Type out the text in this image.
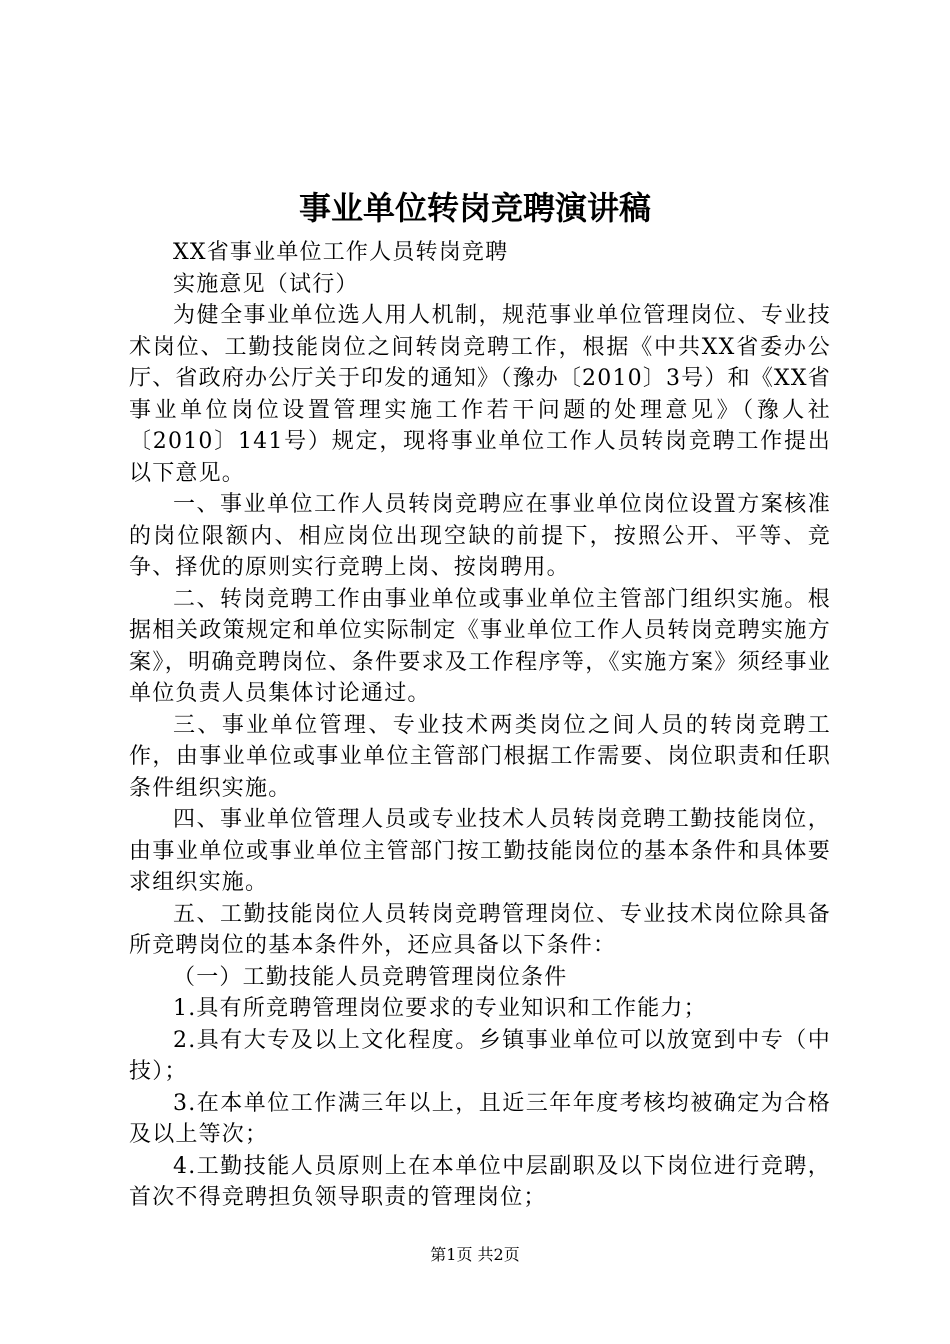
事业单位转岗竞聘演讲稿

XX省事业单位工作人员转岗竞聘

实施意见（试行）

为健全事业单位选人用人机制，规范事业单位管理岗位、专业技术岗位、工勤技能岗位之间转岗竞聘工作，根据《中共XX省委办公厅、省政府办公厅关于印发的通知》（豫办〔2010〕3号）和《XX省事业单位岗位设置管理实施工作若干问题的处理意见》（豫人社〔2010〕141号）规定，现将事业单位工作人员转岗竞聘工作提出以下意见。

一、事业单位工作人员转岗竞聘应在事业单位岗位设置方案核准的岗位限额内、相应岗位出现空缺的前提下，按照公开、平等、竞争、择优的原则实行竞聘上岗、按岗聘用。

二、转岗竞聘工作由事业单位或事业单位主管部门组织实施。根据相关政策规定和单位实际制定《事业单位工作人员转岗竞聘实施方案》，明确竞聘岗位、条件要求及工作程序等，《实施方案》须经事业单位负责人员集体讨论通过。

三、事业单位管理、专业技术两类岗位之间人员的转岗竞聘工作，由事业单位或事业单位主管部门根据工作需要、岗位职责和任职条件组织实施。

四、事业单位管理人员或专业技术人员转岗竞聘工勤技能岗位，由事业单位或事业单位主管部门按工勤技能岗位的基本条件和具体要求组织实施。

五、工勤技能岗位人员转岗竞聘管理岗位、专业技术岗位除具备所竞聘岗位的基本条件外，还应具备以下条件：

（一）工勤技能人员竞聘管理岗位条件

1.具有所竞聘管理岗位要求的专业知识和工作能力；

2.具有大专及以上文化程度。乡镇事业单位可以放宽到中专（中技）；

3.在本单位工作满三年以上，且近三年年度考核均被确定为合格及以上等次；

4.工勤技能人员原则上在本单位中层副职及以下岗位进行竞聘，首次不得竞聘担负领导职责的管理岗位；

第1页 共2页
